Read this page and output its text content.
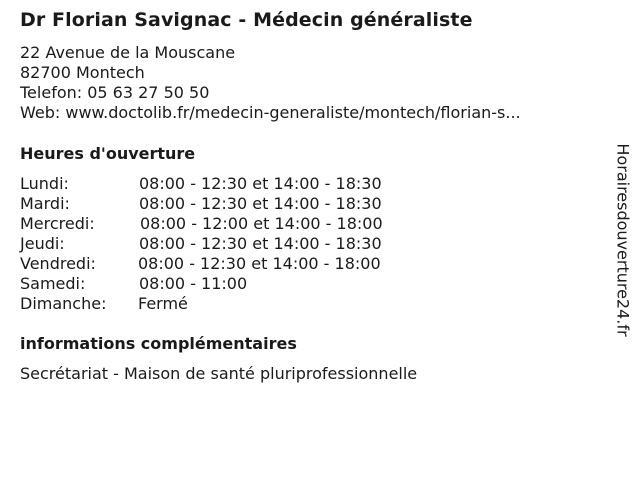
Dr Florian Savignac - Médecin généraliste
22 Avenue de la Mouscane
82700 Montech
Telefon: 05 63 27 50 50
Web: www.doctolib.fr/medecin-generaliste/montech/florian-s...
Heures d'ouverture
Lundi:	08:00 - 12:30 et 14:00 - 18:30
Mardi:	08:00 - 12:30 et 14:00 - 18:30
Mercredi:	08:00 - 12:00 et 14:00 - 18:00
Jeudi:	08:00 - 12:30 et 14:00 - 18:30
Vendredi:	08:00 - 12:30 et 14:00 - 18:00
Samedi:	08:00 - 11:00
Dimanche: Fermé
informations complémentaires
Secrétariat - Maison de santé pluriprofessionnelle
Horairesdouverture24.fr
